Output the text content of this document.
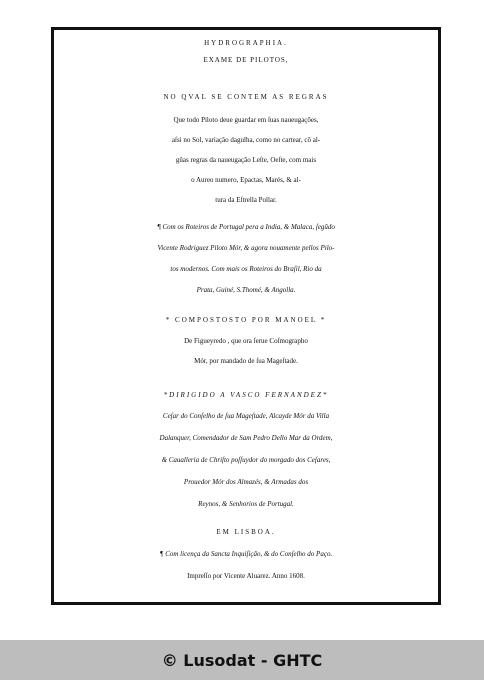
HYDROGRAPHIA.
EXAME DE PILOTOS,
NO QVAL SE CONTEM AS REGRAS
Que todo Piloto deue guardar em ſuas naueugações,
aſsi no Sol, variação dagulha, como no cartear, cõ al-
gũas regras da naueugação Leſte, Oeſte, com mais
o Aureo numero, Epactas, Marés, & al-
tura da Eſtrella Pollar.
¶ Com os Roteiros de Portugal pera a India, & Malaca, ſegũdo
Vicente Rodriguez Piloto Mór, & agora nouamente pellos Pilo-
tos modernos. Com mais os Roteiros do Braſil, Rio da
Prata, Guiné, S.Thomé, & Angolla.
* COMPOSTOSTO POR MANOEL *
De Figueyredo , que ora ſerue Coſmographo
Mór, por mandado de ſua Mageſtade.
*DIRIGIDO A VASCO FERNANDEZ*
Ceſar do Conſelho de ſua Mageſtade, Alcayde Mór da Villa
Dalanquer, Comendador de Sam Pedro Dello Mar da Ordem,
& Caualleria de Chriſto poſſuydor do morgado dos Ceſares,
Prouedor Mór dos Almazés, & Armadas dos
Reynos, & Senhorios de Portugal.
EM LISBOA.
¶ Com licença da Sancta Inquiſição, & do Conſelho do Paço.
Impreſſo por Vicente Aluarez. Anno 1608.
© Lusodat - GHTC
